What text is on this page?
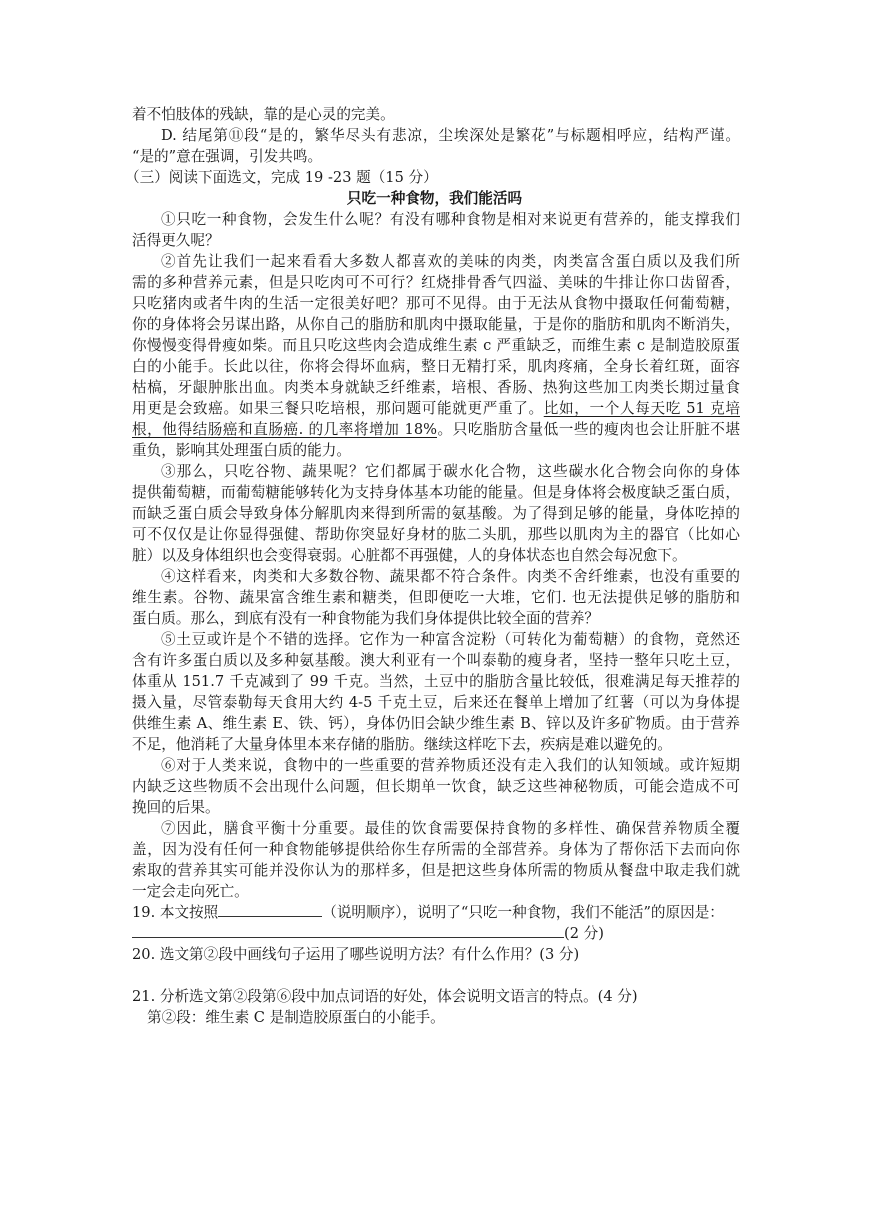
着不怕肢体的残缺，靠的是心灵的完美。
D. 结尾第⑪段“是的，繁华尽头有悲凉，尘埃深处是繁花”与标题相呼应，结构严谨。
“是的”意在强调，引发共鸣。
（三）阅读下面选文，完成 19 -23 题（15 分）
只吃一种食物，我们能活吗
①只吃一种食物，会发生什么呢？有没有哪种食物是相对来说更有营养的，能支撑我们
活得更久呢？
②首先让我们一起来看看大多数人都喜欢的美味的肉类，肉类富含蛋白质以及我们所
需的多种营养元素，但是只吃肉可不可行？红烧排骨香气四溢、美味的牛排让你口齿留香，
只吃猪肉或者牛肉的生活一定很美好吧？那可不见得。由于无法从食物中摄取任何葡萄糖，
你的身体将会另谋出路，从你自己的脂肪和肌肉中摄取能量，于是你的脂肪和肌肉不断消失，
你慢慢变得骨瘦如柴。而且只吃这些肉会造成维生素 c 严重缺乏，而维生素 c 是制造胶原蛋
白的小能手。长此以往，你将会得坏血病，整日无精打采，肌肉疼痛，全身长着红斑，面容
枯槁，牙龈肿胀出血。肉类本身就缺乏纤维素，培根、香肠、热狗这些加工肉类长期过量食
用更是会致癌。如果三餐只吃培根，那问题可能就更严重了。比如，一个人每天吃 51 克培
根，他得结肠癌和直肠癌. 的几率将增加 18%。只吃脂肪含量低一些的瘦肉也会让肝脏不堪
重负，影响其处理蛋白质的能力。
③那么，只吃谷物、蔬果呢？它们都属于碳水化合物，这些碳水化合物会向你的身体
提供葡萄糖，而葡萄糖能够转化为支持身体基本功能的能量。但是身体将会极度缺乏蛋白质，
而缺乏蛋白质会导致身体分解肌肉来得到所需的氨基酸。为了得到足够的能量，身体吃掉的
可不仅仅是让你显得强健、帮助你突显好身材的肱二头肌，那些以肌肉为主的器官（比如心
脏）以及身体组织也会变得衰弱。心脏都不再强健，人的身体状态也自然会每况愈下。
④这样看来，肉类和大多数谷物、蔬果都不符合条件。肉类不舍纤维素，也没有重要的
维生素。谷物、蔬果富含维生素和糖类，但即便吃一大堆，它们. 也无法提供足够的脂肪和
蛋白质。那么，到底有没有一种食物能为我们身体提供比较全面的营养？
⑤土豆或许是个不错的选择。它作为一种富含淀粉（可转化为葡萄糖）的食物，竟然还
含有许多蛋白质以及多种氨基酸。澳大利亚有一个叫泰勒的瘦身者，坚持一整年只吃土豆，
体重从 151.7 千克减到了 99 千克。当然，土豆中的脂肪含量比较低，很难满足每天推荐的
摄入量，尽管泰勒每天食用大约 4-5 千克土豆，后来还在餐单上增加了红薯（可以为身体提
供维生素 A、维生素 E、铁、钙），身体仍旧会缺少维生素 B、锌以及许多矿物质。由于营养
不足，他消耗了大量身体里本来存储的脂肪。继续这样吃下去，疾病是难以避免的。
⑥对于人类来说，食物中的一些重要的营养物质还没有走入我们的认知领域。或许短期
内缺乏这些物质不会出现什么问题，但长期单一饮食，缺乏这些神秘物质，可能会造成不可
挽回的后果。
⑦因此，膳食平衡十分重要。最佳的饮食需要保持食物的多样性、确保营养物质全覆
盖，因为没有任何一种食物能够提供给你生存所需的全部营养。身体为了帮你活下去而向你
索取的营养其实可能并没你认为的那样多，但是把这些身体所需的物质从餐盘中取走我们就
一定会走向死亡。
19. 本文按照	（说明顺序），说明了“只吃一种食物，我们不能活”的原因是：
(2 分)
20. 选文第②段中画线句子运用了哪些说明方法？有什么作用？(3 分)
21. 分析选文第②段第⑥段中加点词语的好处，体会说明文语言的特点。(4 分)
第②段：维生素 C 是制造胶原蛋白的小能手。
